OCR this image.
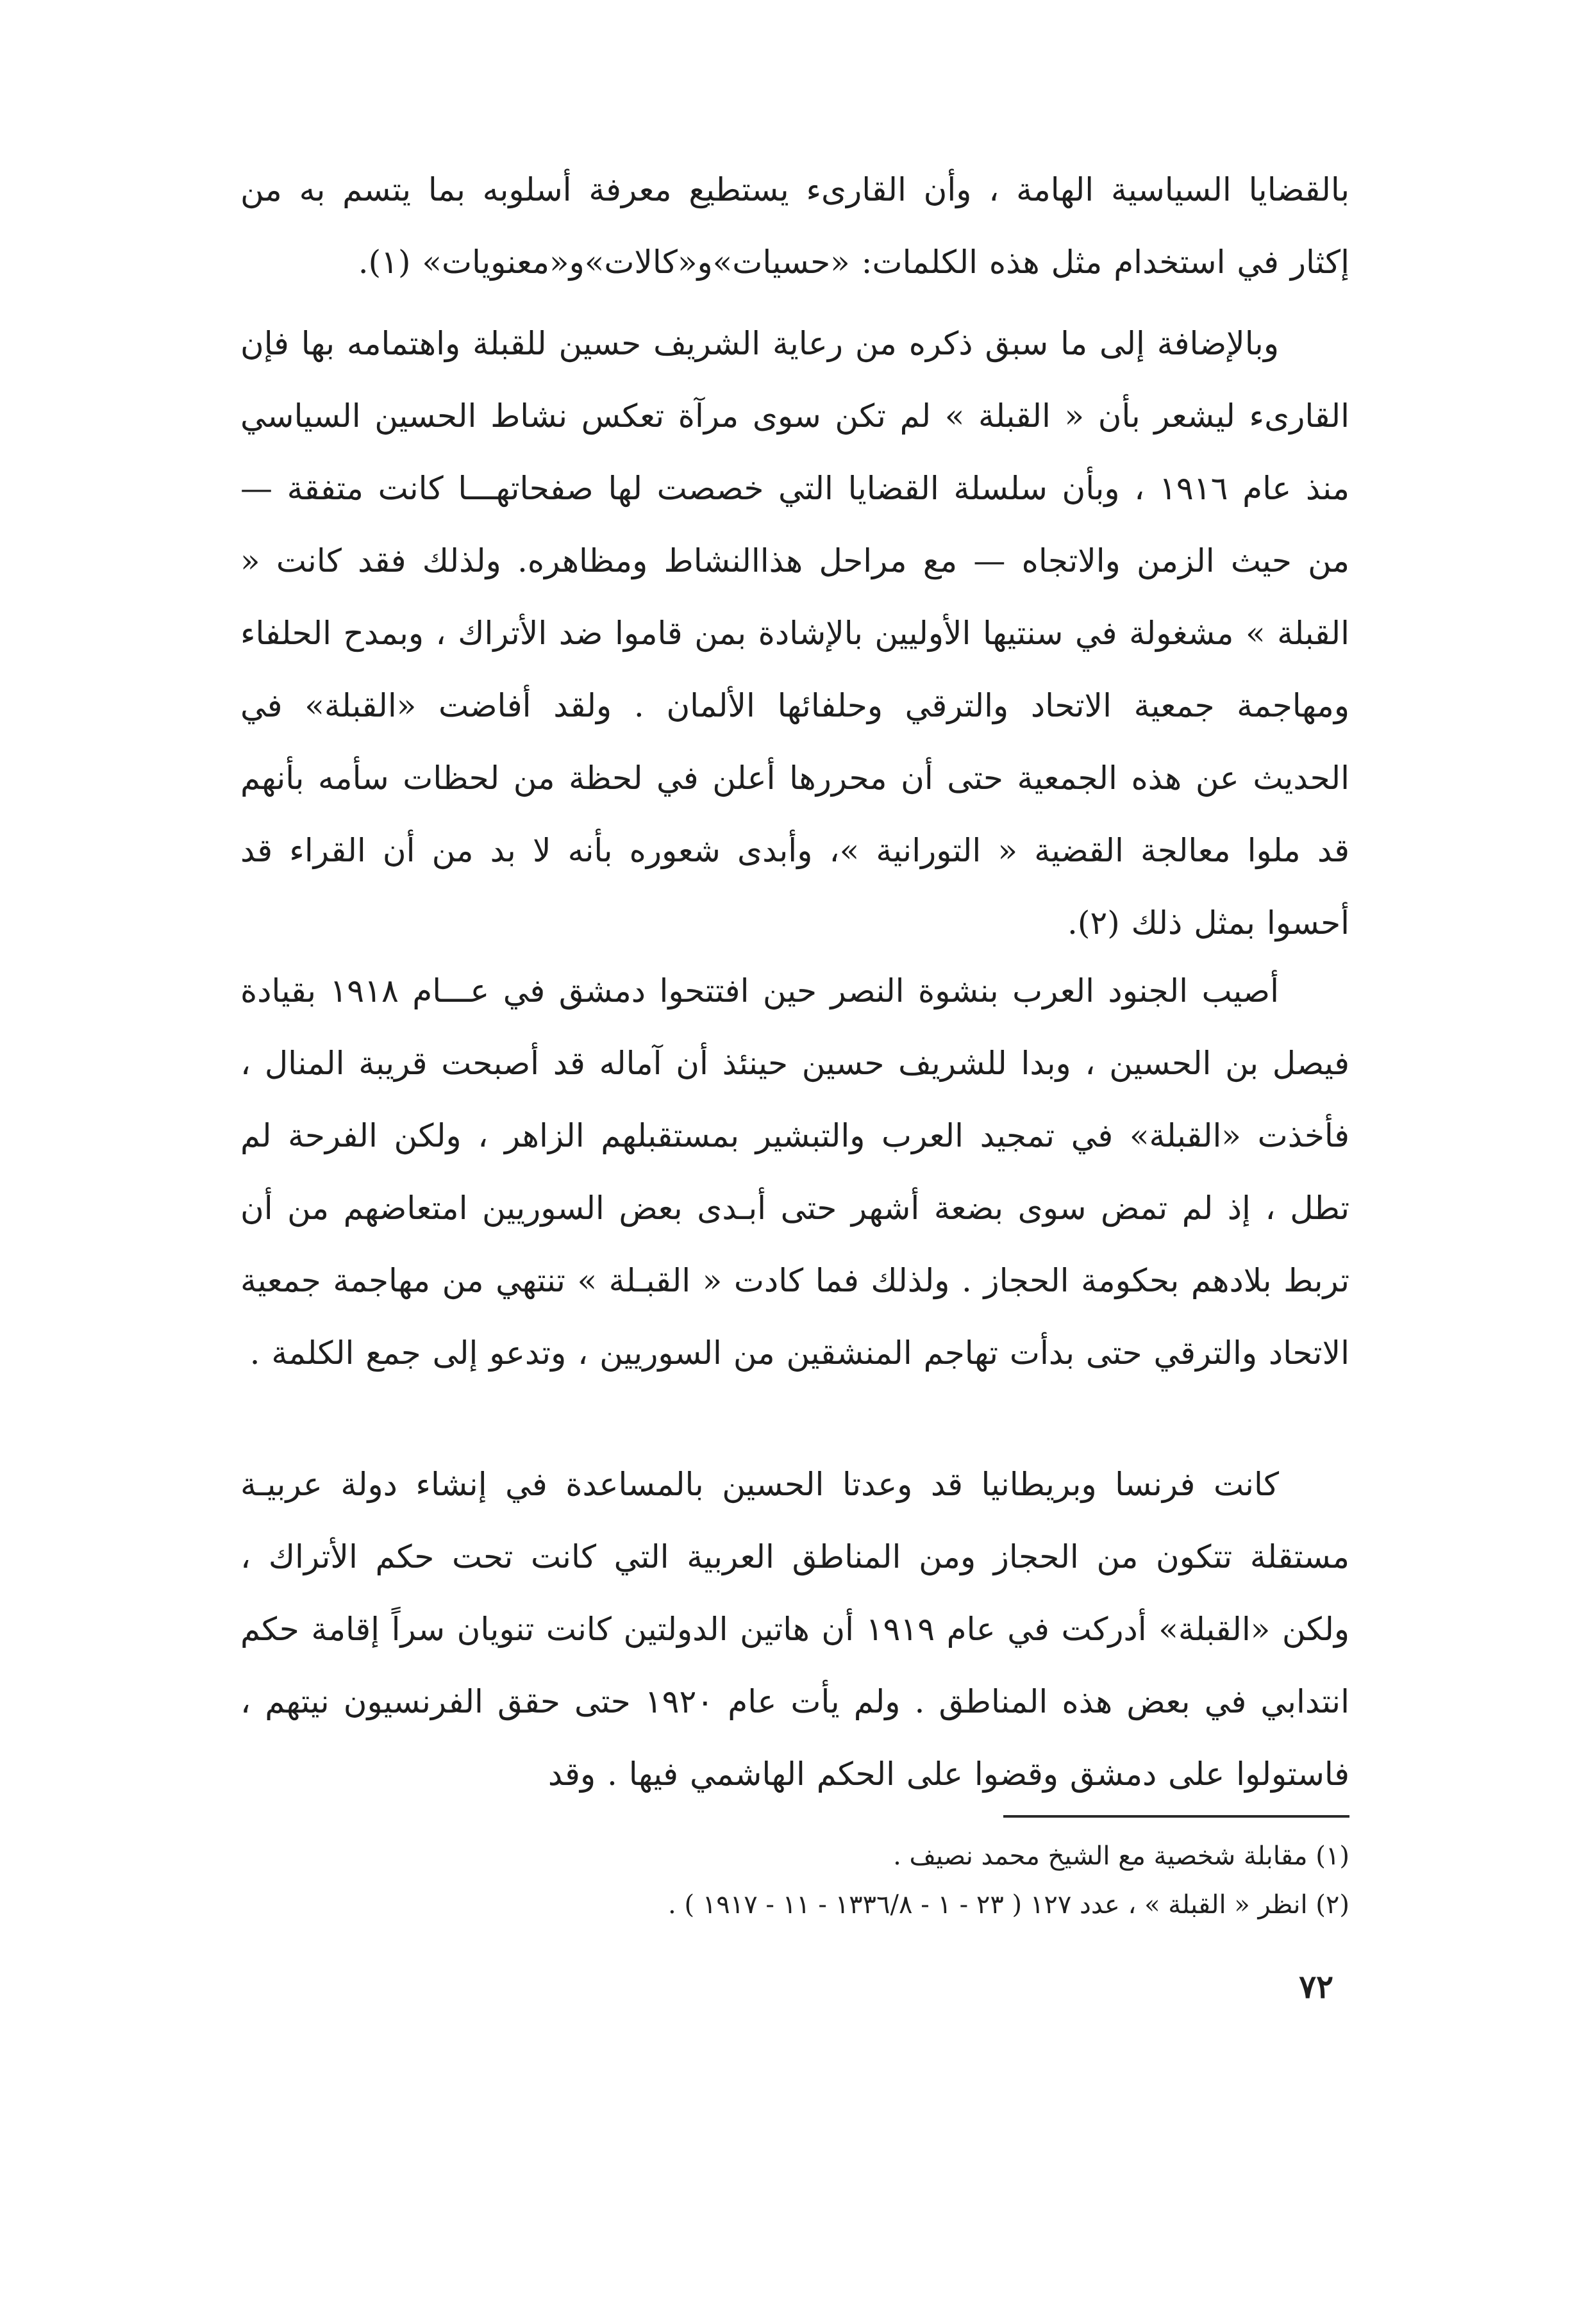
بالقضايا السياسية الهامة ، وأن القارىء يستطيع معرفة أسلوبه بما يتسم به من إكثار في استخدام مثل هذه الكلمات: «حسيات»و«كالات»و«معنويات» (١).

وبالإضافة إلى ما سبق ذكره من رعاية الشريف حسين للقبلة واهتمامه بها فإن القارىء ليشعر بأن « القبلة » لم تكن سوى مرآة تعكس نشاط الحسين السياسي منذ عام ١٩١٦ ، وبأن سلسلة القضايا التي خصصت لها صفحاتهـــا كانت متفقة — من حيث الزمن والاتجاه — مع مراحل هذاالنشاط ومظاهره. ولذلك فقد كانت « القبلة » مشغولة في سنتيها الأوليين بالإشادة بمن قاموا ضد الأتراك ، وبمدح الحلفاء ومهاجمة جمعية الاتحاد والترقي وحلفائها الألمان . ولقد أفاضت «القبلة» في الحديث عن هذه الجمعية حتى أن محررها أعلن في لحظة من لحظات سأمه بأنهم قد ملوا معالجة القضية « التورانية »، وأبدى شعوره بأنه لا بد من أن القراء قد أحسوا بمثل ذلك (٢).

أصيب الجنود العرب بنشوة النصر حين افتتحوا دمشق في عـــام ١٩١٨ بقيادة فيصل بن الحسين ، وبدا للشريف حسين حينئذ أن آماله قد أصبحت قريبة المنال ، فأخذت «القبلة» في تمجيد العرب والتبشير بمستقبلهم الزاهر ، ولكن الفرحة لم تطل ، إذ لم تمض سوى بضعة أشهر حتى أبـدى بعض السوريين امتعاضهم من أن تربط بلادهم بحكومة الحجاز . ولذلك فما كادت « القبـلة » تنتهي من مهاجمة جمعية الاتحاد والترقي حتى بدأت تهاجم المنشقين من السوريين ، وتدعو إلى جمع الكلمة .

كانت فرنسا وبريطانيا قد وعدتا الحسين بالمساعدة في إنشاء دولة عربيـة مستقلة تتكون من الحجاز ومن المناطق العربية التي كانت تحت حكم الأتراك ، ولكن «القبلة» أدركت في عام ١٩١٩ أن هاتين الدولتين كانت تنويان سراً إقامة حكم انتدابي في بعض هذه المناطق . ولم يأت عام ١٩٢٠ حتى حقق الفرنسيون نيتهم ، فاستولوا على دمشق وقضوا على الحكم الهاشمي فيها . وقد

(١) مقابلة شخصية مع الشيخ محمد نصيف .

(٢) انظر « القبلة » ، عدد ١٢٧ ( ٢٣ - ١ - ١٣٣٦/٨ - ١١ - ١٩١٧ ) .

٧٢
